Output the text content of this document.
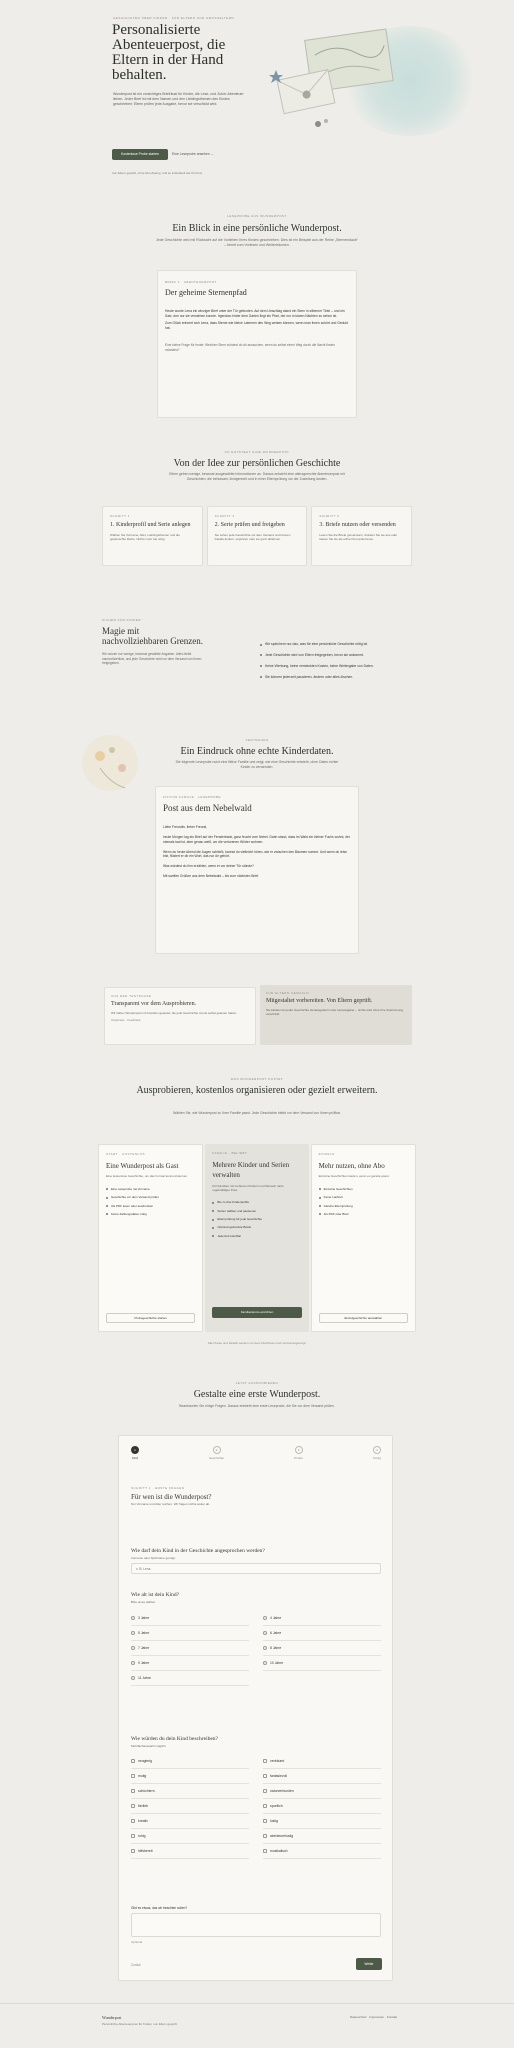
GESCHICHTEN ÜBER KINDER · FÜR ELTERN UND GROSSELTERN
Personalisierte Abenteuerpost, die Eltern in der Hand behalten.

Wunderpost ist ein vorsichtiges Briefritual für Kinder, die Lese- und Zuhör-Abenteuer lieben. Jeder Brief ist mit dem Namen und den Lieblingsthemen des Kindes geschrieben; Eltern prüfen jede Ausgabe, bevor sie verschickt wird.

Kostenlose Probe starten	Eine Leseprobe ansehen →
Von Eltern geprüft, ohne Abo-Zwang, und so individuell wie Ihr Kind.
LESEPROBE AUS WUNDERPOST
Ein Blick in eine persönliche Wunderpost.

Jede Geschichte wird mit Rücksicht auf die Vorlieben Ihres Kindes geschrieben. Dies ist ein Beispiel aus der Reihe „Sternenstaub“ – bereit zum Vorlesen und Weiterträumen.

BRIEF 1 · ABENTEUERPOST
Der geheime Sternenpfad

Heute wurde Lena ein winziger Brief unter der Tür gefunden. Auf dem Umschlag stand ein Stern in silberner Tinte – und ein Satz, den nur sie verstehen konnte. Irgendwo hinter dem Garten liegt ein Pfad, der nur in klaren Nächten zu sehen ist.

Zum Glück erinnert sich Lena, dass Sterne wie kleine Laternen den Weg weisen können, wenn man ihnen zuhört und Geduld hat.

Eine kleine Frage für heute: Welchen Stern würdest du dir aussuchen, wenn du selbst einen Weg durch die Nacht finden müsstest?

SO ENTSTEHT EINE WUNDERPOST
Von der Idee zur persönlichen Geschichte

Eltern geben wenige, bewusst ausgewählte Informationen an. Daraus entsteht eine altersgerechte Abenteuerpost mit Geschichten, die behutsam, kindgerecht und in einer Elternprüfung vor der Zustellung landen.

SCHRITT 1
1. Kinderprofil und Serie anlegen
Wählen Sie Vorname, Alter, Lieblingsthemen und die gewünschte Reihe. Nichts mehr als nötig.
SCHRITT 2
2. Serie prüfen und freigeben
Sie sehen jede Geschichte vor dem Versand und können Details ändern, ergänzen oder sie ganz ablehnen.
SCHRITT 3
3. Briefe nutzen oder versenden
Lesen Sie die Briefe gemeinsam, drucken Sie sie aus oder lassen Sie sie als echte Post ankommen.
SICHER FÜR KINDER
Magie mit nachvollziehbaren Grenzen.

Wir nutzen nur wenige, bewusst gewählte Angaben. Alles bleibt nachvollziehbar, und jede Geschichte wird vor dem Versand von Ihnen freigegeben.

Wir speichern nur das, was für eine persönliche Geschichte nötig ist.
Jede Geschichte wird von Eltern freigegeben, bevor sie ankommt.
Keine Werbung, keine versteckten Kosten, keine Weitergabe von Daten.
Sie können jederzeit pausieren, ändern oder alles löschen.
VERTRAUEN
Ein Eindruck ohne echte Kinderdaten.

Die folgende Leseprobe nutzt eine fiktive Familie und zeigt, wie eine Geschichte entsteht, ohne Daten echter Kinder zu verwenden.

FIKTIVE FAMILIE · LESEPROBE
Post aus dem Nebelwald

Liebe Freundin, lieber Freund,

heute Morgen lag ein Brief auf der Fensterbank, ganz feucht vom Nebel. Darin stand, dass im Wald ein kleiner Fuchs wohnt, der niemals laut ist, aber genau weiß, wo die verlorenen Wörter wohnen.

Wenn du heute Abend die Augen schließt, kannst du vielleicht hören, wie er zwischen den Bäumen summt. Und wenn du leise bist, flüstert er dir ein Wort, das nur dir gehört.

Was würdest du ihm erzählen, wenn er vor deiner Tür stünde?

Mit sanften Grüßen aus dem Nebelwald – bis zum nächsten Brief.

AUS DER TESTPHASE
Transparent vor dem Ausprobieren.
Wir haben Wunderpost mit Familien getestet, die jede Geschichte zuerst selbst gelesen haben.
Testphase · Feedback
FÜR ELTERN GEMACHT
Mitgestaltet vorbereiten. Von Eltern geprüft.
Sie bleiben bei jeder Geschichte Herausgeberin oder Herausgeber – nichts wird ohne Ihre Zustimmung verschickt.
WAS WUNDERPOST KOSTET
Ausprobieren, kostenlos organisieren oder gezielt erweitern.

Wählen Sie, wie Wunderpost zu Ihrer Familie passt. Jede Geschichte bleibt vor dem Versand von Ihnen prüfbar.

START · KOSTENLOS
Eine Wunderpost als Gast
Eine kostenlose Geschichte, um das Format kennenzulernen.
Eine Leseprobe mit Vorname
Geschichte vor dem Versand prüfen
Als PDF lesen oder ausdrucken
Keine Zahlungsdaten nötig
Probegeschichte starten
FAMILIE · BELIEBT
Mehrere Kinder und Serien verwalten
Für Familien mit mehreren Kindern und Wunsch nach regelmäßiger Post.
Bis zu drei Kinderprofile
Serien wählen und pausieren
Elternprüfung für jede Geschichte
Optional gedruckte Briefe
Jederzeit kündbar
Familienkonto einrichten
EINZELN
Mehr nutzen, ohne Abo
Einzelne Geschichten kaufen, wenn es gerade passt.
Einzelne Geschichten
Keine Laufzeit
Gleiche Elternprüfung
Als PDF oder Brief
Einzelgeschichte auswählen
Alle Preise und Details werden vor dem Abschluss noch einmal angezeigt.
JETZT AUSPROBIEREN
Gestalte eine erste Wunderpost.

Beantworten Sie einige Fragen. Daraus entsteht eine erste Leseprobe, die Sie vor dem Versand prüfen.

1
Kind
2
Geschichte
3
Prüfen
4
Fertig
SCHRITT 1 · ERSTE FRAGEN
Für wen ist die Wunderpost?
Nur Vorname und Alter reichen. Wir fragen nichts weiter ab.
Wie darf dein Kind in der Geschichte angesprochen werden?
Vorname oder Spitzname genügt.
z. B. Lena
Wie alt ist dein Kind?
Bitte eines wählen
3 Jahre	4 Jahre
5 Jahre	6 Jahre
7 Jahre	8 Jahre
9 Jahre	10 Jahre
11 Jahre
Wie würden du dein Kind beschreiben?
Mehrfachauswahl möglich
neugierig	verträumt
mutig	fantasievoll
schüchtern	naturverbunden
tierlieb	sportlich
kreativ	lustig
ruhig	abenteuerlustig
hilfsbereit	musikalisch
Gibt es etwas, das wir beachten sollen?
Optional
Zurück	Weiter
Wunderpost
Persönliche Abenteuerpost für Kinder, von Eltern geprüft.
Datenschutz · Impressum · Kontakt
